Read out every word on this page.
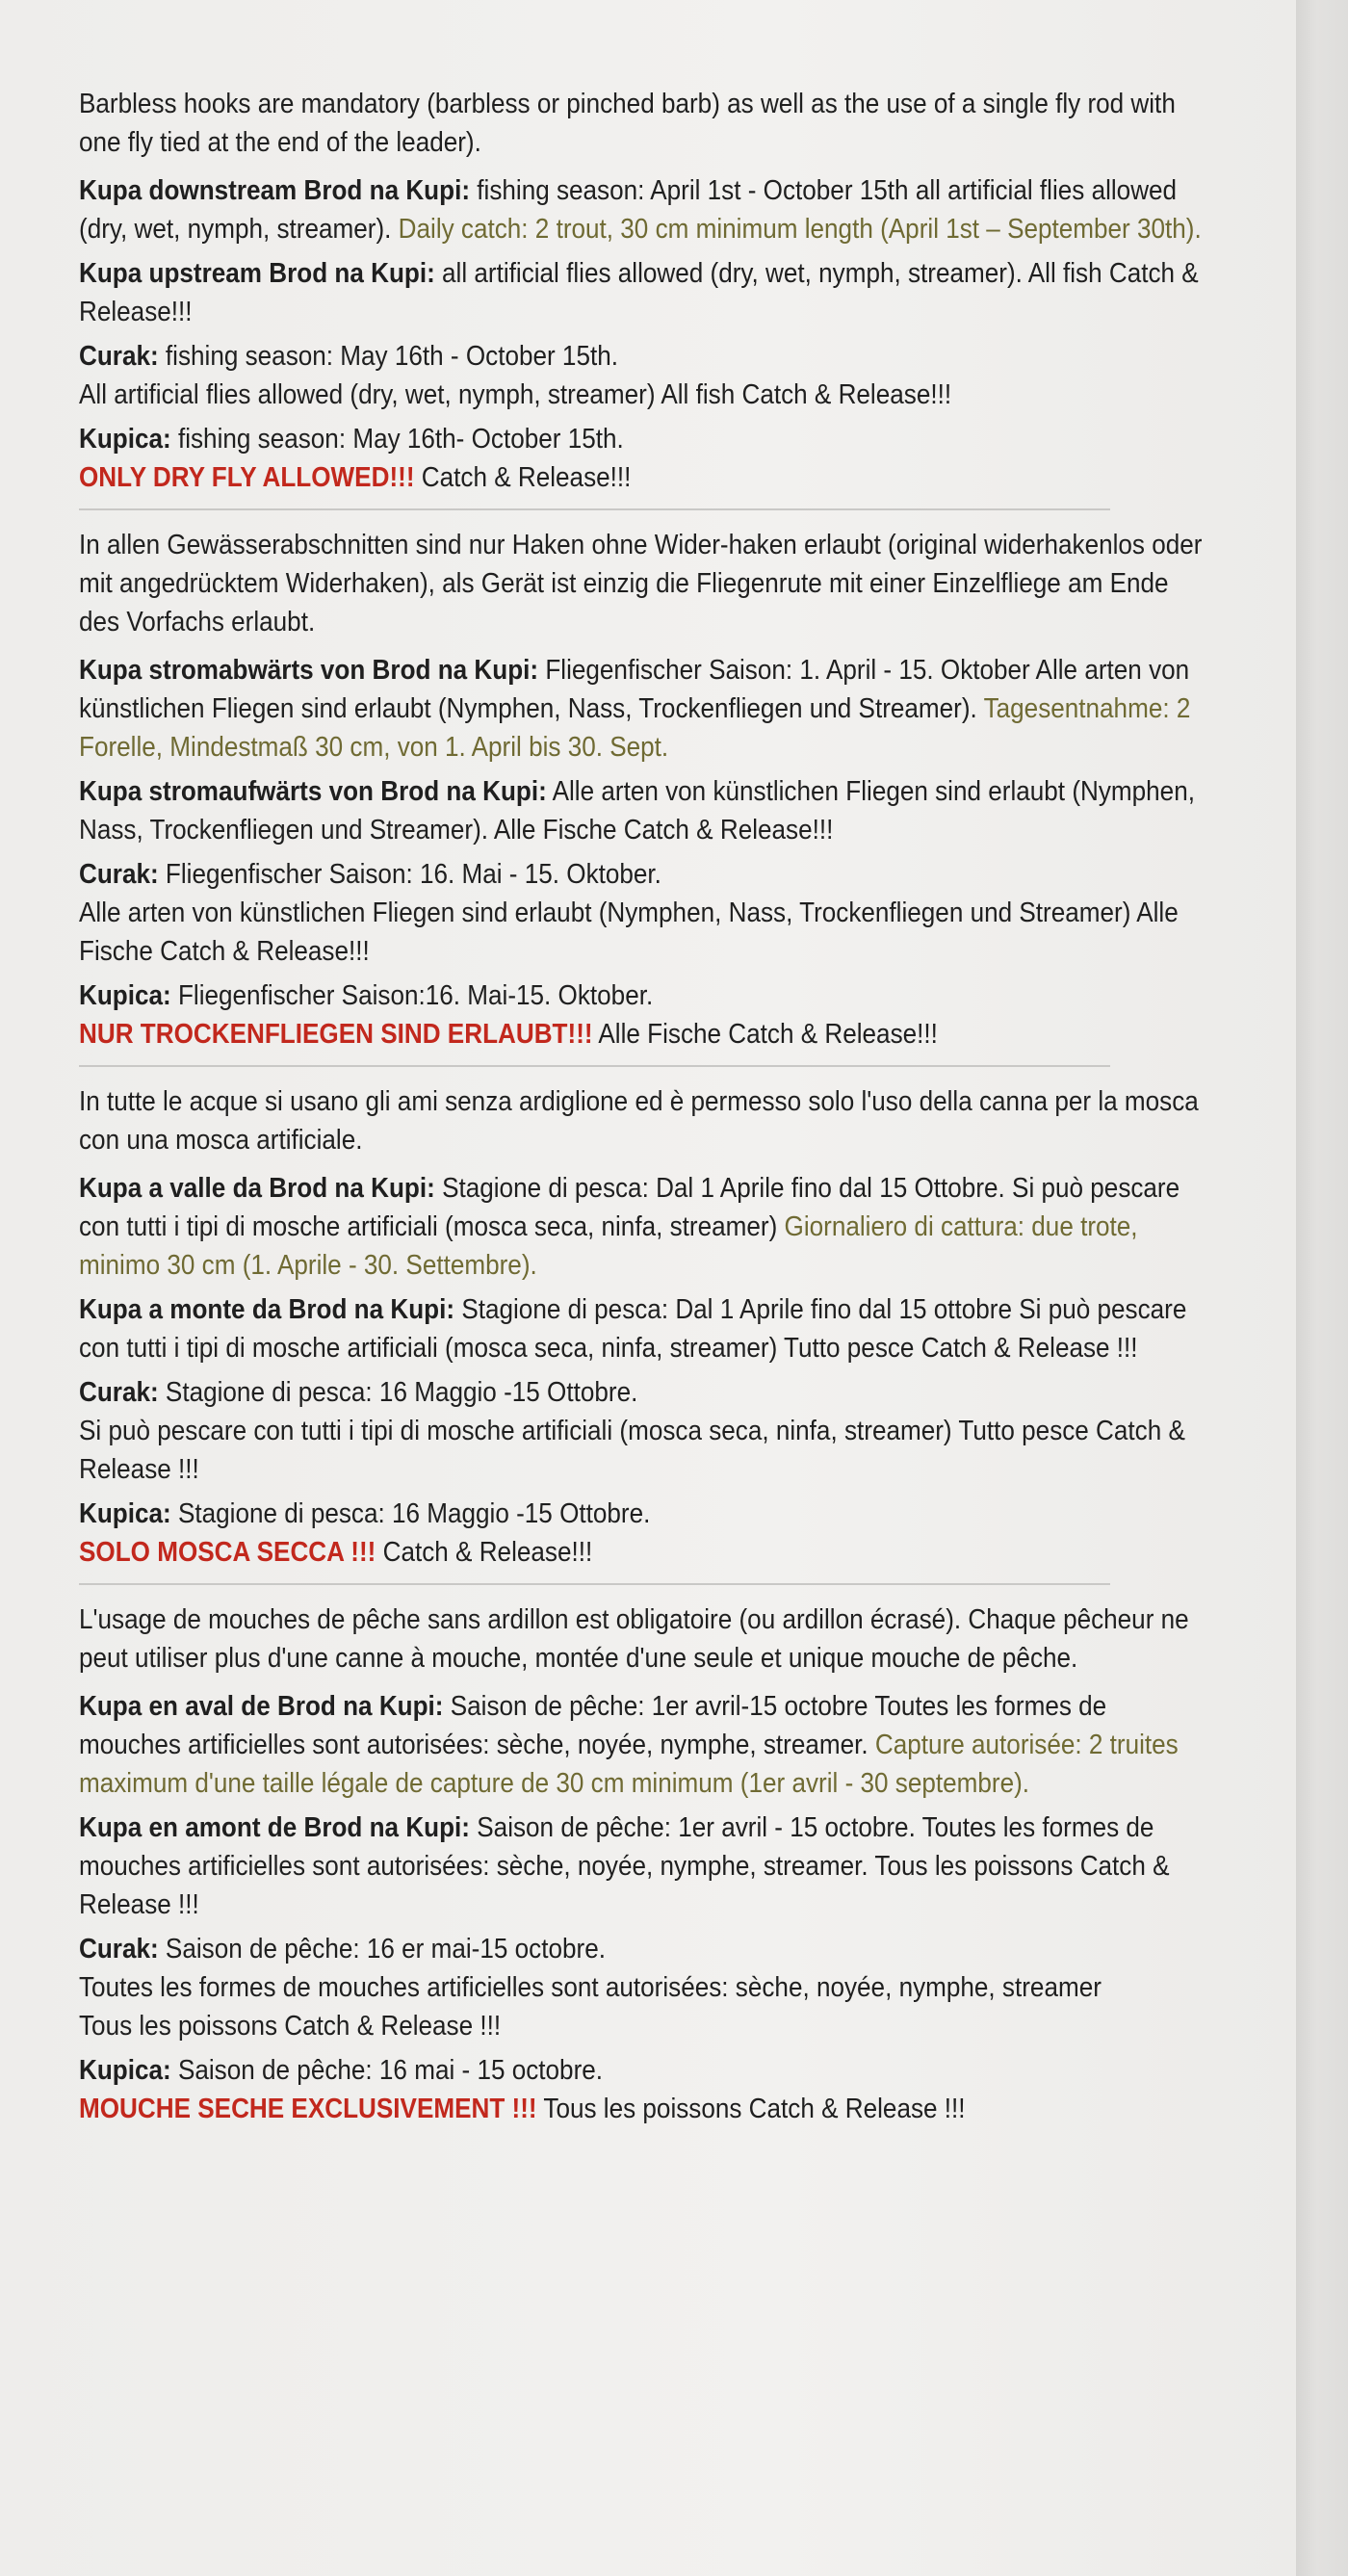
Barbless hooks are mandatory (barbless or pinched barb) as well as the use of a single fly rod with one fly tied at the end of the leader).

Kupa downstream Brod na Kupi: fishing season: April 1st - October 15th all artificial flies allowed (dry, wet, nymph, streamer). Daily catch: 2 trout, 30 cm minimum length (April 1st – September 30th).

Kupa upstream Brod na Kupi: all artificial flies allowed (dry, wet, nymph, streamer). All fish Catch & Release!!!

Curak: fishing season: May 16th - October 15th.
All artificial flies allowed (dry, wet, nymph, streamer) All fish Catch & Release!!!

Kupica: fishing season: May 16th- October 15th.
ONLY DRY FLY ALLOWED!!! Catch & Release!!!

In allen Gewässerabschnitten sind nur Haken ohne Wider-haken erlaubt (original widerhakenlos oder mit angedrücktem Widerhaken), als Gerät ist einzig die Fliegenrute mit einer Einzelfliege am Ende des Vorfachs erlaubt.

Kupa stromabwärts von Brod na Kupi: Fliegenfischer Saison: 1. April - 15. Oktober Alle arten von künstlichen Fliegen sind erlaubt (Nymphen, Nass, Trockenfliegen und Streamer). Tagesentnahme: 2 Forelle, Mindestmaß 30 cm, von 1. April bis 30. Sept.

Kupa stromaufwärts von Brod na Kupi: Alle arten von künstlichen Fliegen sind erlaubt (Nymphen, Nass, Trockenfliegen und Streamer). Alle Fische Catch & Release!!!

Curak: Fliegenfischer Saison: 16. Mai - 15. Oktober.
Alle arten von künstlichen Fliegen sind erlaubt (Nymphen, Nass, Trockenfliegen und Streamer) Alle Fische Catch & Release!!!

Kupica: Fliegenfischer Saison:16. Mai-15. Oktober.
NUR TROCKENFLIEGEN SIND ERLAUBT!!! Alle Fische Catch & Release!!!

In tutte le acque si usano gli ami senza ardiglione ed è permesso solo l'uso della canna per la mosca con una mosca artificiale.

Kupa a valle da Brod na Kupi: Stagione di pesca: Dal 1 Aprile fino dal 15 Ottobre. Si può pescare con tutti i tipi di mosche artificiali (mosca seca, ninfa, streamer) Giornaliero di cattura: due trote, minimo 30 cm (1. Aprile - 30. Settembre).

Kupa a monte da Brod na Kupi: Stagione di pesca: Dal 1 Aprile fino dal 15 ottobre Si può pescare con tutti i tipi di mosche artificiali (mosca seca, ninfa, streamer) Tutto pesce Catch & Release !!!

Curak: Stagione di pesca: 16 Maggio -15 Ottobre.
Si può pescare con tutti i tipi di mosche artificiali (mosca seca, ninfa, streamer) Tutto pesce Catch & Release !!!

Kupica: Stagione di pesca: 16 Maggio -15 Ottobre.
SOLO MOSCA SECCA !!! Catch & Release!!!

L'usage de mouches de pêche sans ardillon est obligatoire (ou ardillon écrasé). Chaque pêcheur ne peut utiliser plus d'une canne à mouche, montée d'une seule et unique mouche de pêche.

Kupa en aval de Brod na Kupi: Saison de pêche: 1er avril-15 octobre Toutes les formes de mouches artificielles sont autorisées: sèche, noyée, nymphe, streamer. Capture autorisée: 2 truites maximum d'une taille légale de capture de 30 cm minimum (1er avril - 30 septembre).

Kupa en amont de Brod na Kupi: Saison de pêche: 1er avril - 15 octobre. Toutes les formes de mouches artificielles sont autorisées: sèche, noyée, nymphe, streamer. Tous les poissons Catch & Release !!!

Curak: Saison de pêche: 16 er mai-15 octobre.
Toutes les formes de mouches artificielles sont autorisées: sèche, noyée, nymphe, streamer
Tous les poissons Catch & Release !!!

Kupica: Saison de pêche: 16 mai - 15 octobre.
MOUCHE SECHE EXCLUSIVEMENT !!! Tous les poissons Catch & Release !!!
